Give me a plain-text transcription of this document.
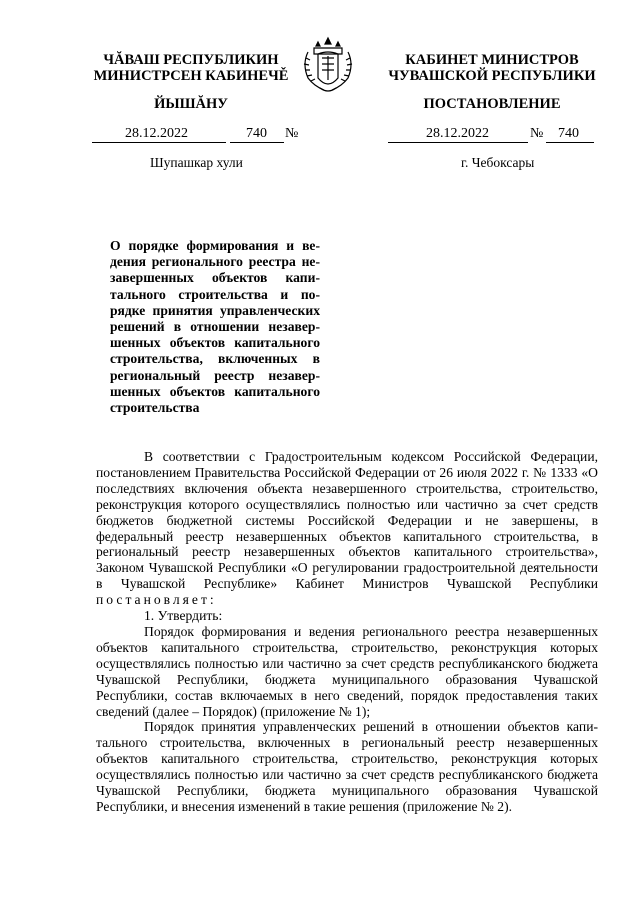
ЧĂВАШ РЕСПУБЛИКИН
МИНИСТРСЕН КАБИНЕЧĚ
ЙЫШĂНУ
КАБИНЕТ МИНИСТРОВ
ЧУВАШСКОЙ РЕСПУБЛИКИ
ПОСТАНОВЛЕНИЕ
28.12.2022	740 №	28.12.2022	№ 740
Шупашкар хули	г. Чебоксары
О порядке формирования и ведения регионального реестра незавершенных объектов капитального строительства и порядке принятия управленческих решений в отношении незавершенных объектов капитального строительства, включенных в региональный реестр незавершенных объектов капитального строительства

В соответствии с Градостроительным кодексом Российской Федерации, постановлением Правительства Российской Федерации от 26 июля 2022 г. № 1333 «О последствиях включения объекта незавершенного строительства, строительство, реконструкция которого осуществлялись полностью или частично за счет средств бюджетов бюджетной системы Российской Федерации и не завершены, в федеральный реестр незавершенных объектов капитального строительства, в региональный реестр незавершенных объектов капитального строительства», Законом Чувашской Республики «О регулировании градостроительной деятельности в Чувашской Республике» Кабинет Министров Чувашской Республики постановляет:

1. Утвердить:

Порядок формирования и ведения регионального реестра незавершенных объектов капитального строительства, строительство, реконструкция которых осуществлялись полностью или частично за счет средств республиканского бюджета Чувашской Республики, бюджета муниципального образования Чувашской Республики, состав включаемых в него сведений, порядок предоставления таких сведений (далее – Порядок) (приложение № 1);

Порядок принятия управленческих решений в отношении объектов капитального строительства, включенных в региональный реестр незавершенных объектов капитального строительства, строительство, реконструкция которых осуществлялись полностью или частично за счет средств республиканского бюджета Чувашской Республики, бюджета муниципального образования Чувашской Республики, и внесения изменений в такие решения (приложение № 2).
